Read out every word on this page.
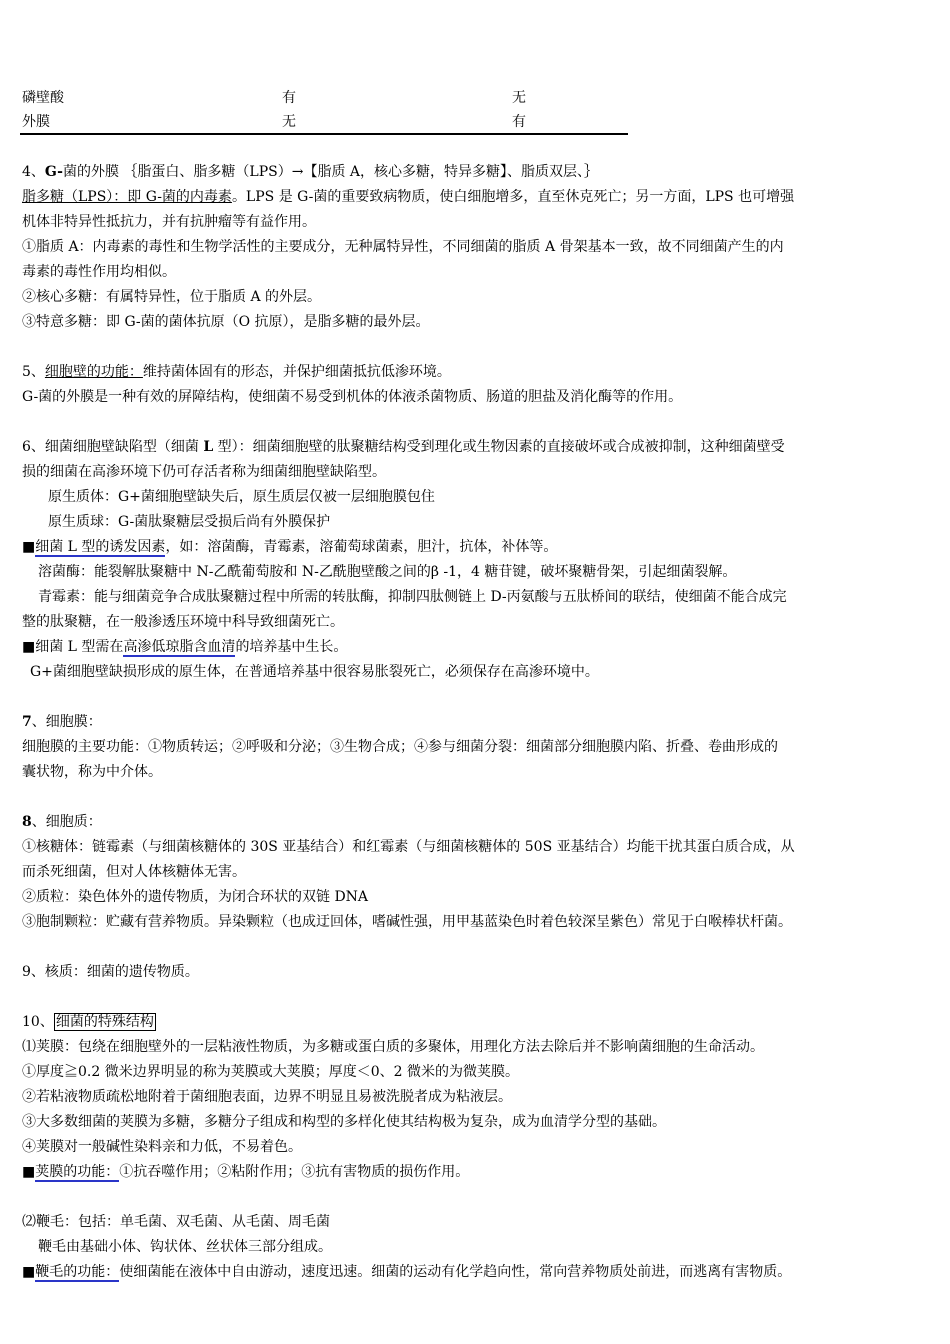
磷壁酸	有	无
外膜	无	有
4、G-菌的外膜 ｛脂蛋白、脂多糖（LPS）→【脂质 A，核心多糖，特异多糖】、脂质双层、｝
脂多糖（LPS）：即 G-菌的内毒素。LPS 是 G-菌的重要致病物质，使白细胞增多，直至休克死亡；另一方面，LPS 也可增强
机体非特异性抵抗力，并有抗肿瘤等有益作用。
①脂质 A：内毒素的毒性和生物学活性的主要成分，无种属特异性，不同细菌的脂质 A 骨架基本一致，故不同细菌产生的内
毒素的毒性作用均相似。
②核心多糖：有属特异性，位于脂质 A 的外层。
③特意多糖：即 G-菌的菌体抗原（O 抗原），是脂多糖的最外层。
5、细胞壁的功能：维持菌体固有的形态，并保护细菌抵抗低渗环境。
G-菌的外膜是一种有效的屏障结构，使细菌不易受到机体的体液杀菌物质、肠道的胆盐及消化酶等的作用。
6、细菌细胞壁缺陷型（细菌 L 型）：细菌细胞壁的肽聚糖结构受到理化或生物因素的直接破坏或合成被抑制，这种细菌壁受
损的细菌在高渗环境下仍可存活者称为细菌细胞壁缺陷型。
原生质体：G+菌细胞壁缺失后，原生质层仅被一层细胞膜包住
原生质球：G-菌肽聚糖层受损后尚有外膜保护
■细菌 L 型的诱发因素，如：溶菌酶，青霉素，溶葡萄球菌素，胆汁，抗体，补体等。
溶菌酶：能裂解肽聚糖中 N-乙酰葡萄胺和 N-乙酰胞壁酸之间的β -1，4 糖苷键，破坏聚糖骨架，引起细菌裂解。
青霉素：能与细菌竞争合成肽聚糖过程中所需的转肽酶，抑制四肽侧链上 D-丙氨酸与五肽桥间的联结，使细菌不能合成完
整的肽聚糖，在一般渗透压环境中科导致细菌死亡。
■细菌 L 型需在高渗低琼脂含血清的培养基中生长。
G+菌细胞壁缺损形成的原生体，在普通培养基中很容易胀裂死亡，必须保存在高渗环境中。
7、细胞膜：
细胞膜的主要功能：①物质转运；②呼吸和分泌；③生物合成；④参与细菌分裂：细菌部分细胞膜内陷、折叠、卷曲形成的
囊状物，称为中介体。
8、细胞质：
①核糖体：链霉素（与细菌核糖体的 30S 亚基结合）和红霉素（与细菌核糖体的 50S 亚基结合）均能干扰其蛋白质合成，从
而杀死细菌，但对人体核糖体无害。
②质粒：染色体外的遗传物质，为闭合环状的双链 DNA
③胞制颗粒：贮藏有营养物质。异染颗粒（也成迂回体，嗜碱性强，用甲基蓝染色时着色较深呈紫色）常见于白喉棒状杆菌。
9、核质：细菌的遗传物质。
10、 细菌的特殊结构
⑴荚膜：包绕在细胞壁外的一层粘液性物质，为多糖或蛋白质的多聚体，用理化方法去除后并不影响菌细胞的生命活动。
①厚度≧0.2 微米边界明显的称为荚膜或大荚膜；厚度＜0、2 微米的为微荚膜。
②若粘液物质疏松地附着于菌细胞表面，边界不明显且易被洗脱者成为粘液层。
③大多数细菌的荚膜为多糖，多糖分子组成和构型的多样化使其结构极为复杂，成为血清学分型的基础。
④荚膜对一般碱性染料亲和力低，不易着色。
■荚膜的功能：①抗吞噬作用；②粘附作用；③抗有害物质的损伤作用。
⑵鞭毛：包括：单毛菌、双毛菌、从毛菌、周毛菌
鞭毛由基础小体、钩状体、丝状体三部分组成。
■鞭毛的功能：使细菌能在液体中自由游动，速度迅速。细菌的运动有化学趋向性，常向营养物质处前进，而逃离有害物质。
